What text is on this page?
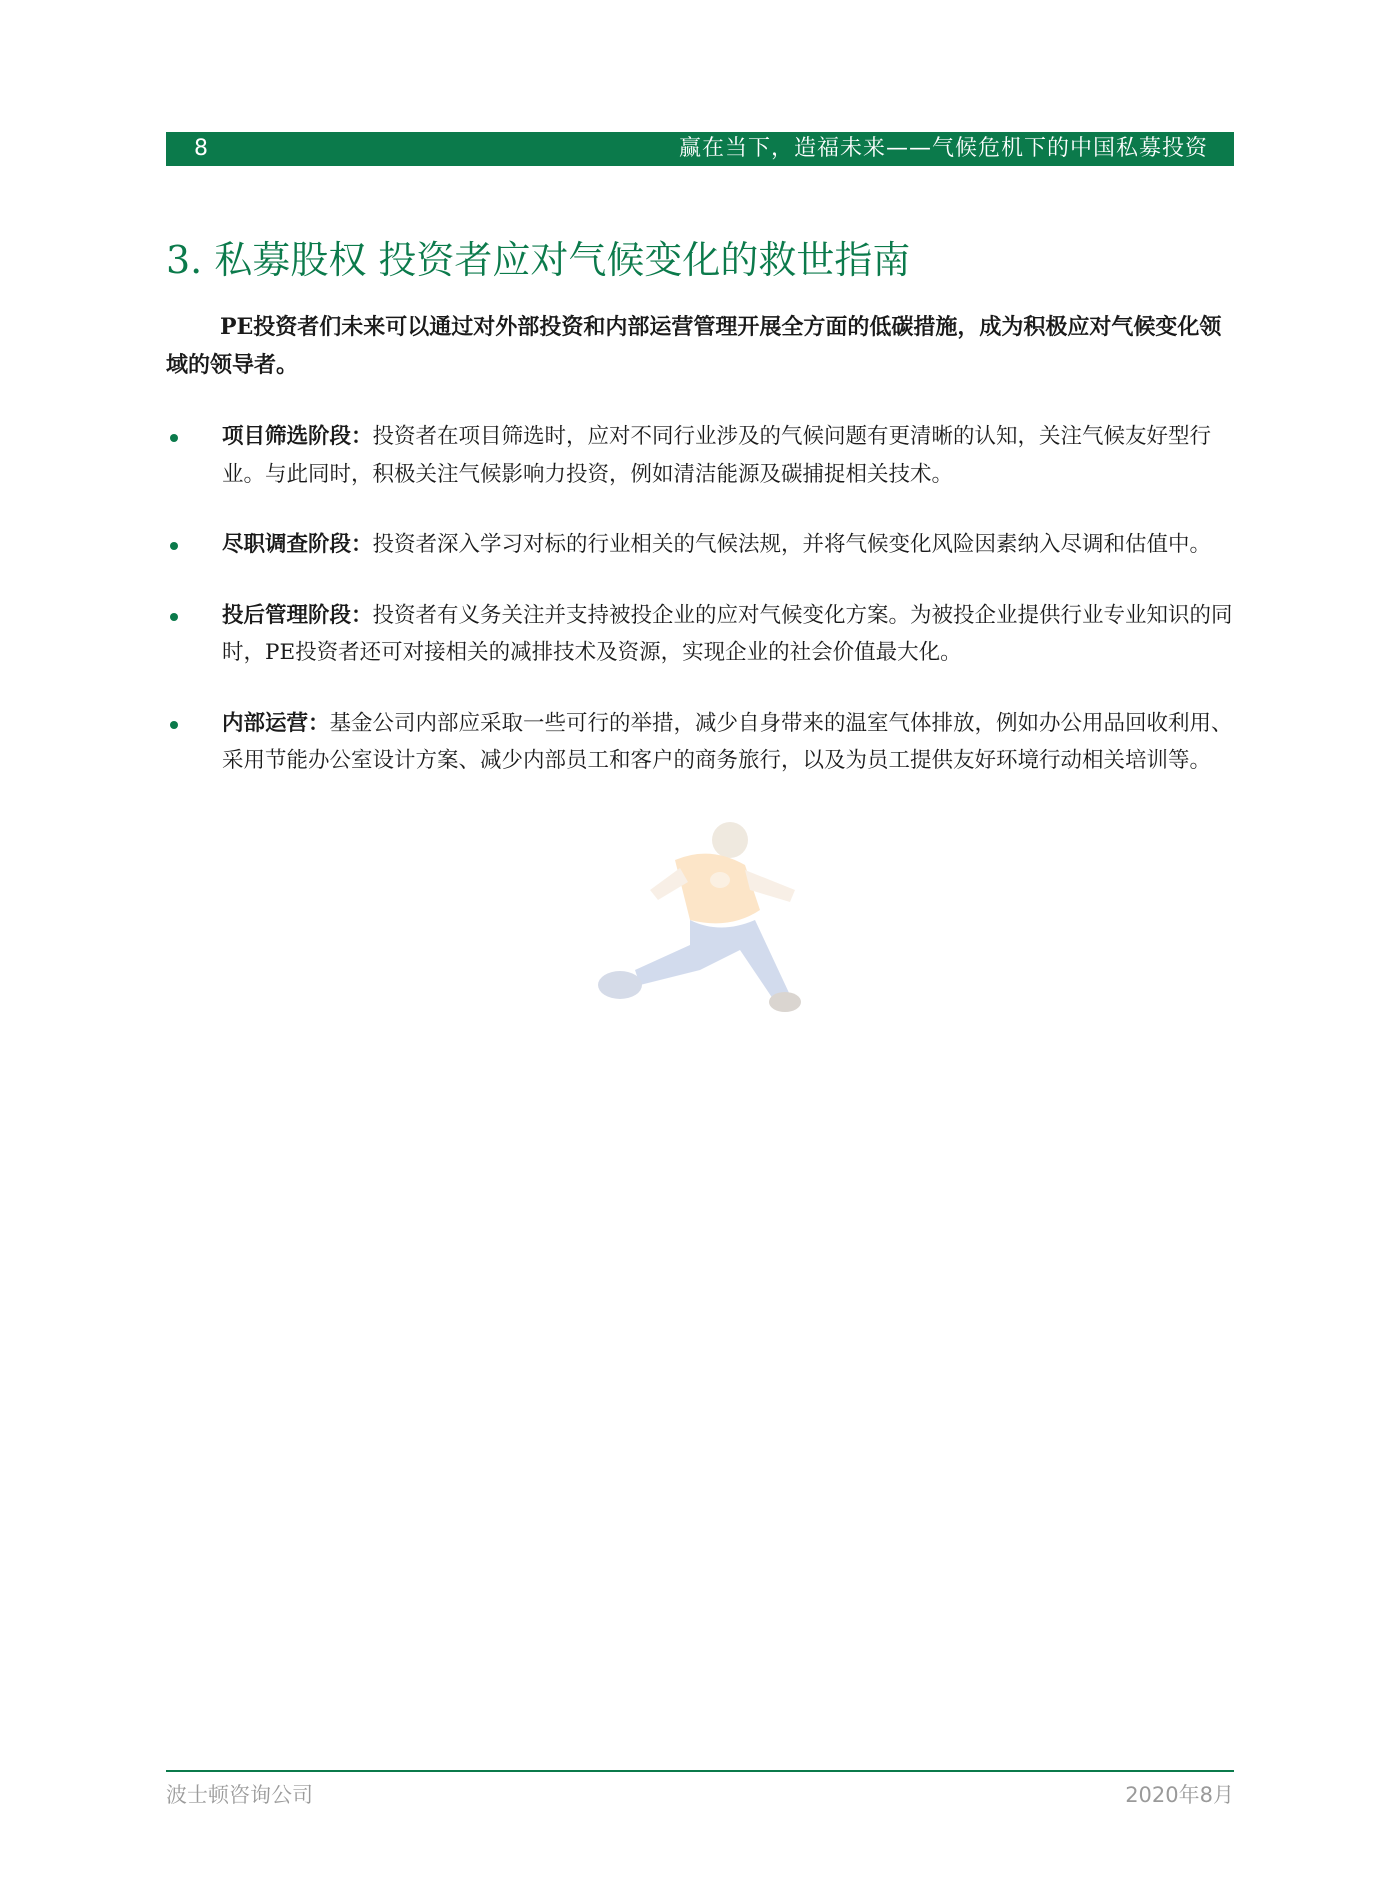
8	赢在当下，造福未来——气候危机下的中国私募投资
3. 私募股权 投资者应对气候变化的救世指南

PE投资者们未来可以通过对外部投资和内部运营管理开展全方面的低碳措施，成为积极应对气候变化领域的领导者。

项目筛选阶段：投资者在项目筛选时，应对不同行业涉及的气候问题有更清晰的认知，关注气候友好型行业。与此同时，积极关注气候影响力投资，例如清洁能源及碳捕捉相关技术。
尽职调查阶段：投资者深入学习对标的行业相关的气候法规，并将气候变化风险因素纳入尽调和估值中。
投后管理阶段：投资者有义务关注并支持被投企业的应对气候变化方案。为被投企业提供行业专业知识的同时，PE投资者还可对接相关的减排技术及资源，实现企业的社会价值最大化。
内部运营：基金公司内部应采取一些可行的举措，减少自身带来的温室气体排放，例如办公用品回收利用、采用节能办公室设计方案、减少内部员工和客户的商务旅行，以及为员工提供友好环境行动相关培训等。
波士顿咨询公司	2020年8月
